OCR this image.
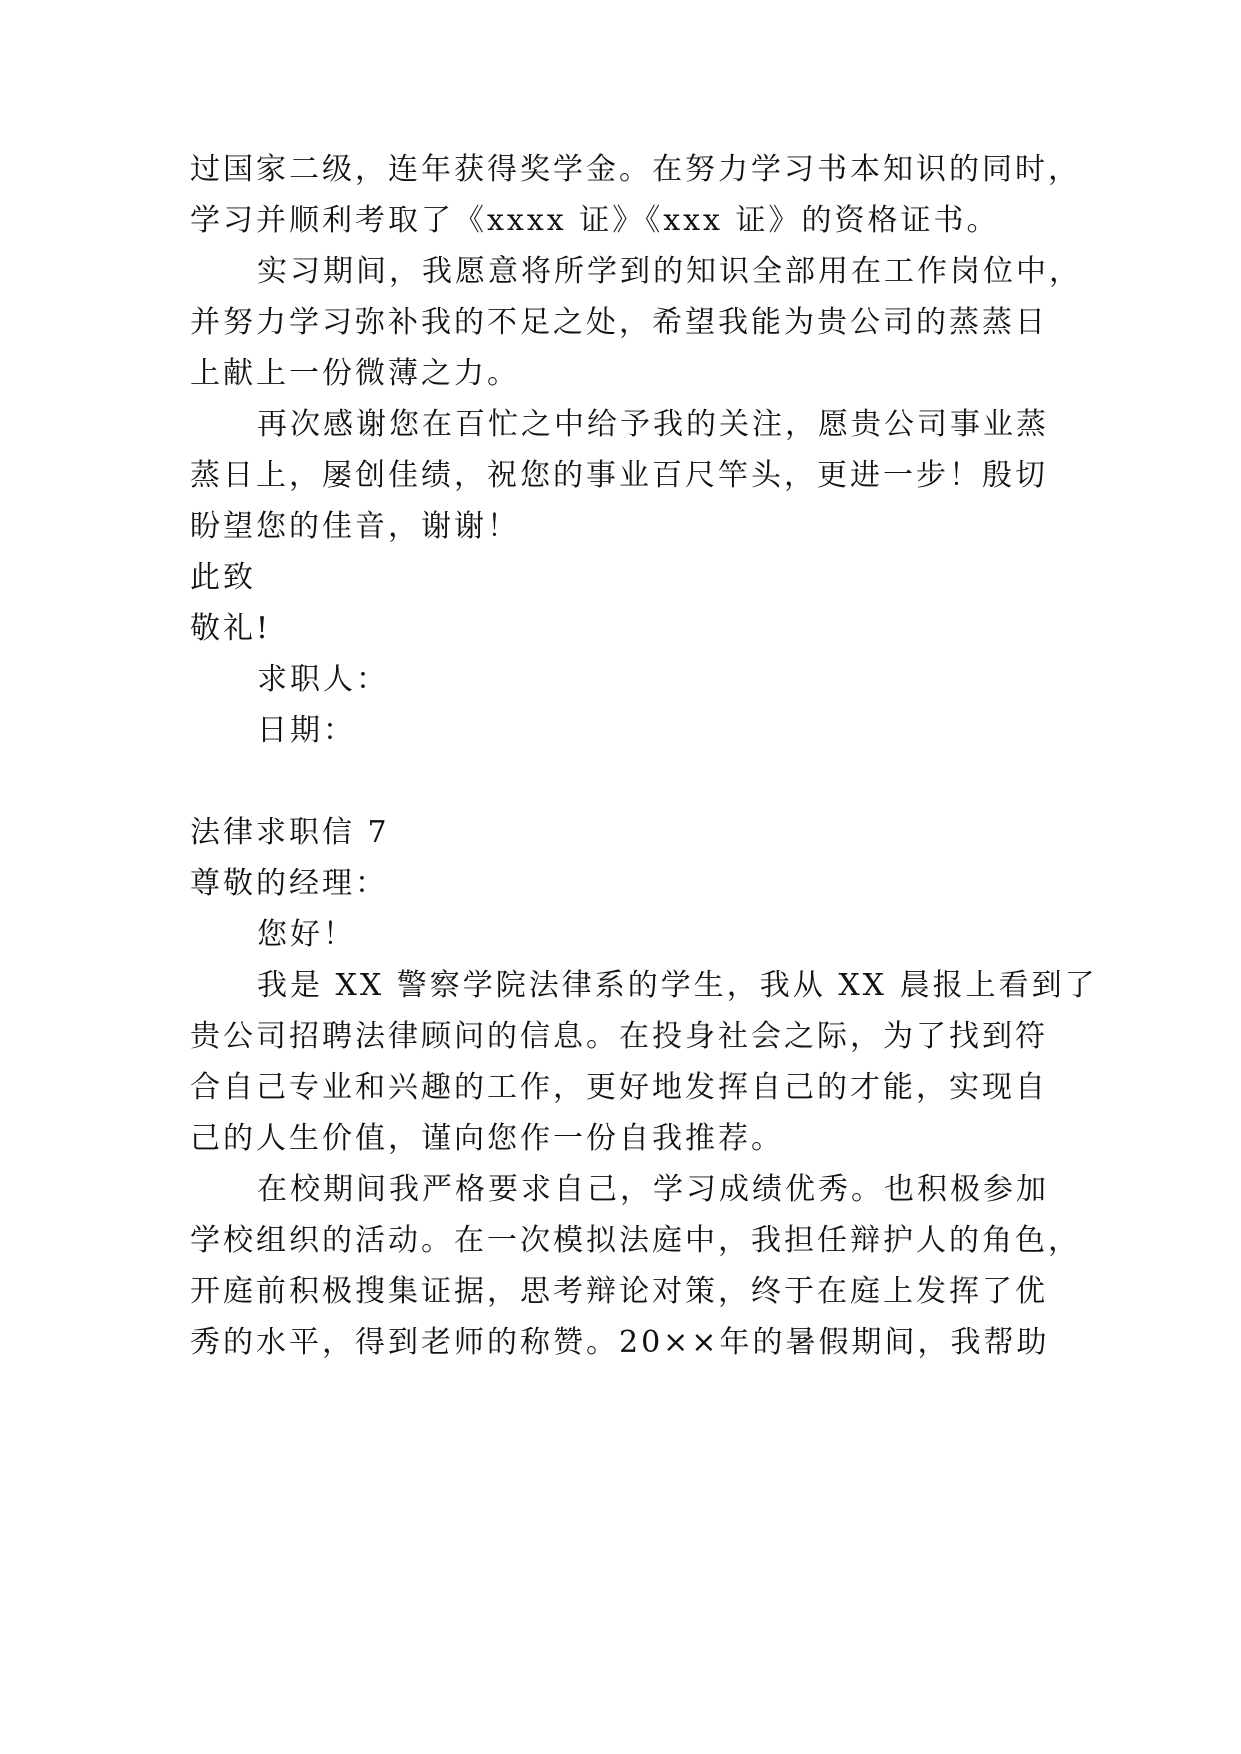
过国家二级，连年获得奖学金。在努力学习书本知识的同时，
学习并顺利考取了《xxxx 证》《xxx 证》的资格证书。
实习期间，我愿意将所学到的知识全部用在工作岗位中，
并努力学习弥补我的不足之处，希望我能为贵公司的蒸蒸日
上献上一份微薄之力。
再次感谢您在百忙之中给予我的关注，愿贵公司事业蒸
蒸日上，屡创佳绩，祝您的事业百尺竿头，更进一步！殷切
盼望您的佳音，谢谢！
此致
敬礼!
求职人：
日期：
法律求职信 7
尊敬的经理：
您好！
我是 XX 警察学院法律系的学生，我从 XX 晨报上看到了
贵公司招聘法律顾问的信息。在投身社会之际，为了找到符
合自己专业和兴趣的工作，更好地发挥自己的才能，实现自
己的人生价值，谨向您作一份自我推荐。
在校期间我严格要求自己，学习成绩优秀。也积极参加
学校组织的活动。在一次模拟法庭中，我担任辩护人的角色，
开庭前积极搜集证据，思考辩论对策，终于在庭上发挥了优
秀的水平，得到老师的称赞。20××年的暑假期间，我帮助
